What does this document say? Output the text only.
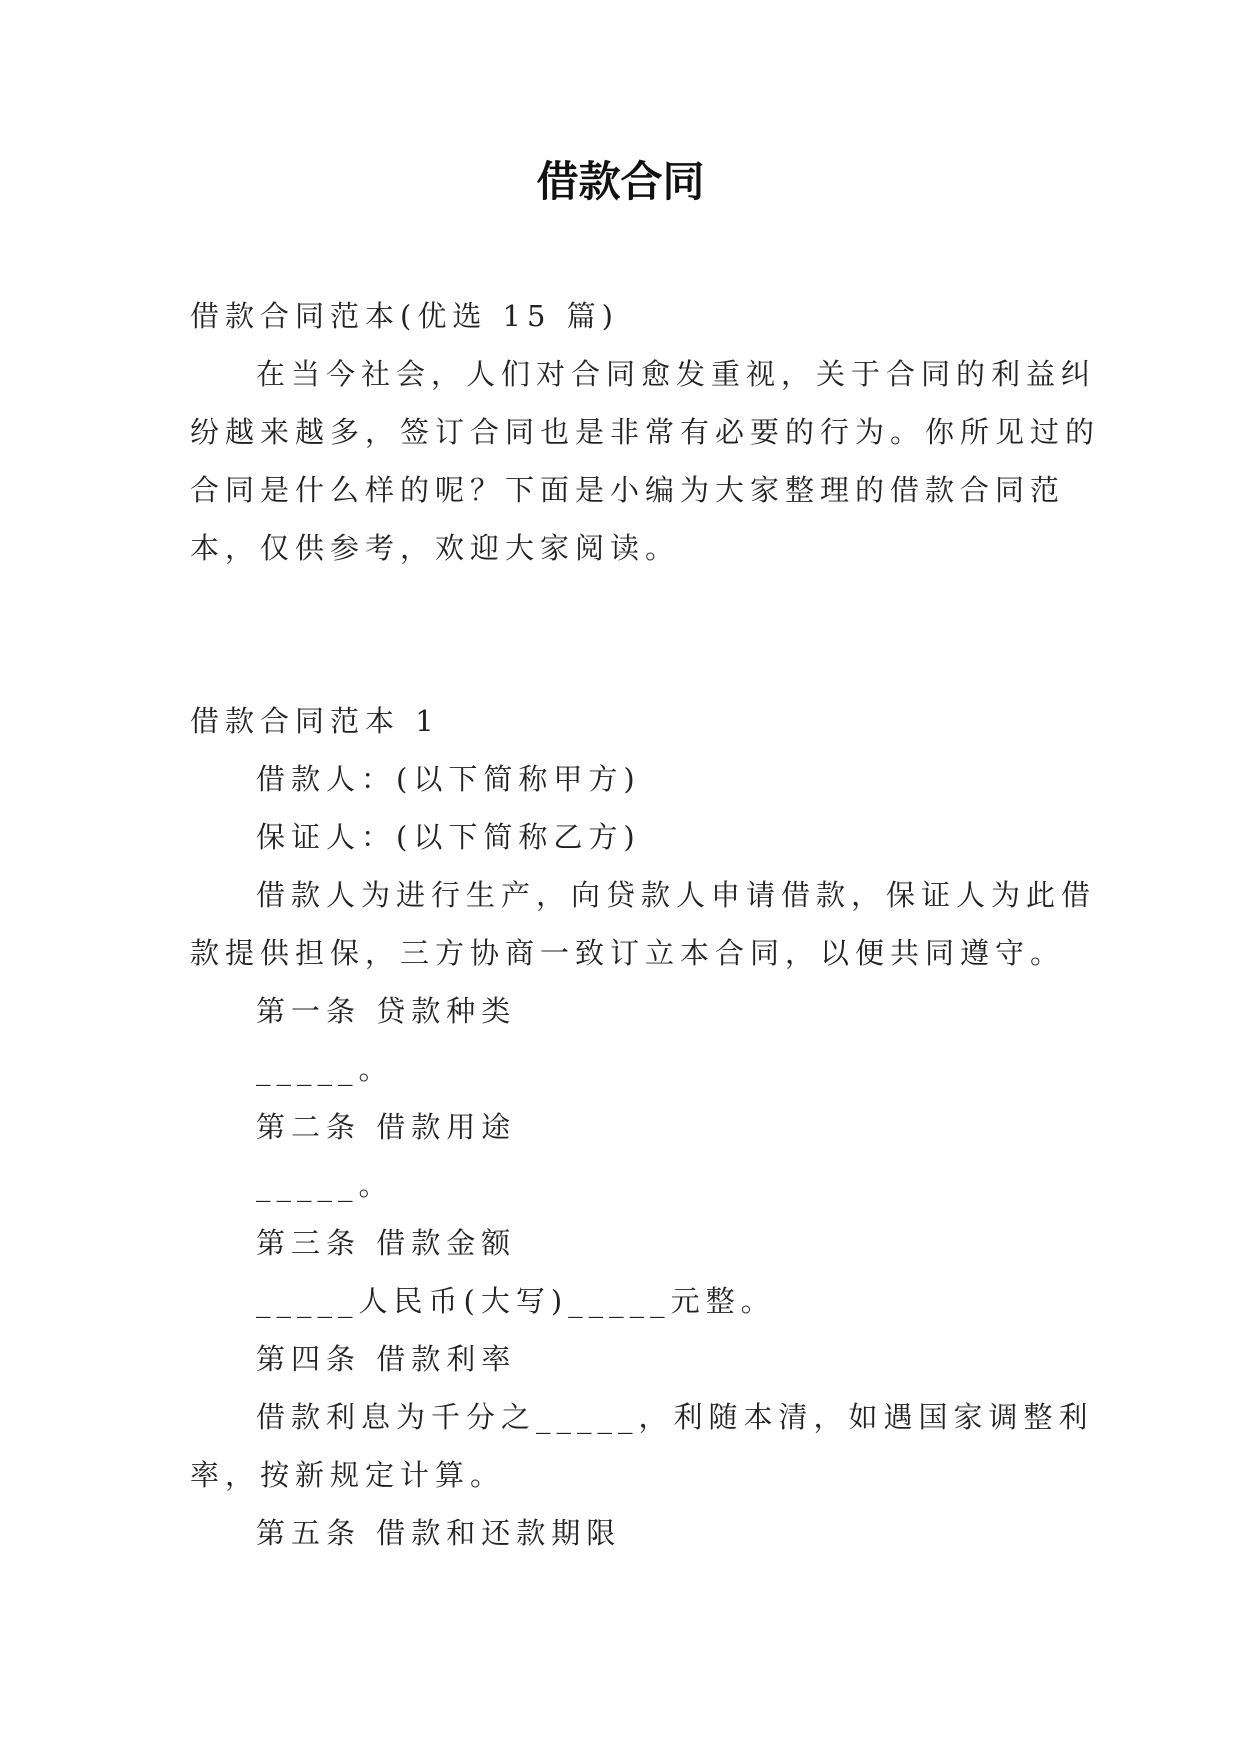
借款合同
借款合同范本(优选 15 篇)
在当今社会，人们对合同愈发重视，关于合同的利益纠
纷越来越多，签订合同也是非常有必要的行为。你所见过的
合同是什么样的呢？下面是小编为大家整理的借款合同范
本，仅供参考，欢迎大家阅读。
借款合同范本 1
借款人：(以下简称甲方)
保证人：(以下简称乙方)
借款人为进行生产，向贷款人申请借款，保证人为此借
款提供担保，三方协商一致订立本合同，以便共同遵守。
第一条 贷款种类
_____。
第二条 借款用途
_____。
第三条 借款金额
_____人民币(大写)_____元整。
第四条 借款利率
借款利息为千分之_____，利随本清，如遇国家调整利
率，按新规定计算。
第五条 借款和还款期限
